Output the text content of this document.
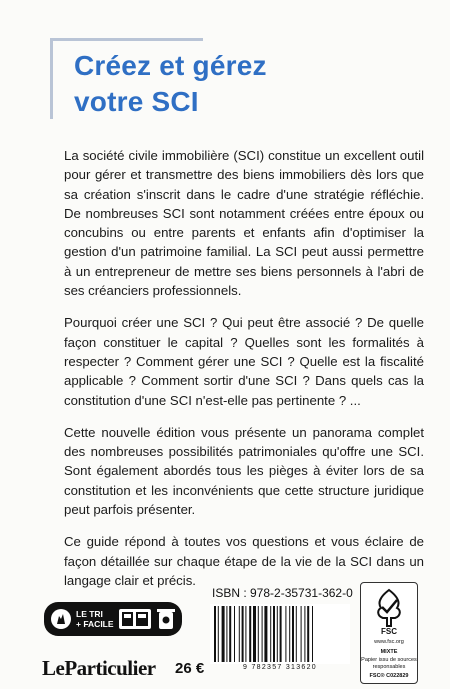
Créez et gérez
votre SCI

La société civile immobilière (SCI) constitue un excellent outil pour gérer et transmettre des biens immobiliers dès lors que sa création s'inscrit dans le cadre d'une stratégie réfléchie. De nombreuses SCI sont notamment créées entre époux ou concubins ou entre parents et enfants afin d'optimiser la gestion d'un patrimoine familial. La SCI peut aussi permettre à un entrepreneur de mettre ses biens personnels à l'abri de ses créanciers professionnels.

Pourquoi créer une SCI ? Qui peut être associé ? De quelle façon constituer le capital ? Quelles sont les formalités à respecter ? Comment gérer une SCI ? Quelle est la fiscalité applicable ? Comment sortir d'une SCI ? Dans quels cas la constitution d'une SCI n'est-elle pas pertinente ? ...

Cette nouvelle édition vous présente un panorama complet des nombreuses possibilités patrimoniales qu'offre une SCI. Sont également abordés tous les pièges à éviter lors de sa constitution et les inconvénients que cette structure juridique peut parfois présenter.

Ce guide répond à toutes vos questions et vous éclaire de façon détaillée sur chaque étape de la vie de la SCI dans un langage clair et précis.

LE TRI
+ FACILE
LeParticulier 26 €
ISBN : 978-2-35731-362-0
9 782357 313620
FSC
www.fsc.org
MIXTE
Papier issu de sources responsables
FSC® C022829
